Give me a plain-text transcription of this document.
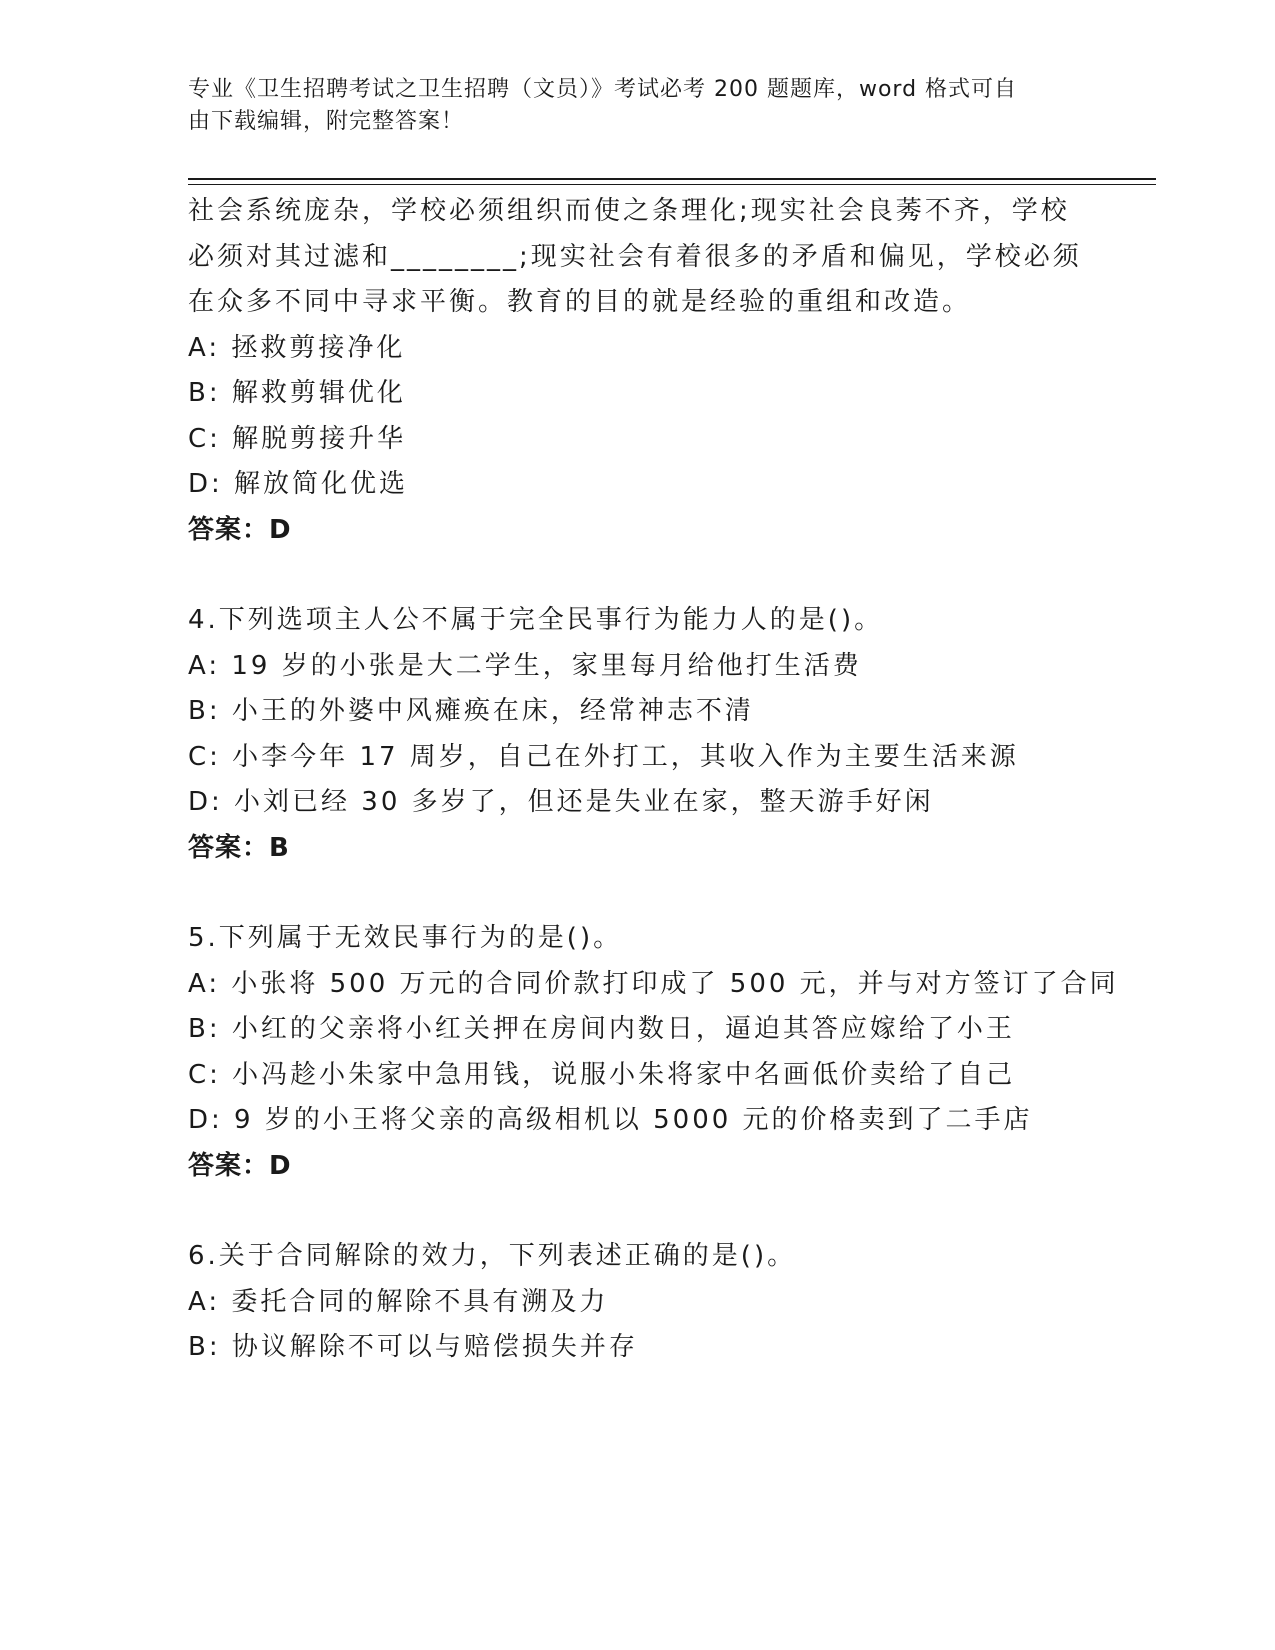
专业《卫生招聘考试之卫生招聘（文员）》考试必考 200 题题库，word 格式可自
由下载编辑，附完整答案！
社会系统庞杂，学校必须组织而使之条理化;现实社会良莠不齐，学校
必须对其过滤和________;现实社会有着很多的矛盾和偏见，学校必须
在众多不同中寻求平衡。教育的目的就是经验的重组和改造。
A: 拯救剪接净化
B: 解救剪辑优化
C: 解脱剪接升华
D: 解放简化优选
答案：D
4.下列选项主人公不属于完全民事行为能力人的是()。
A: 19 岁的小张是大二学生，家里每月给他打生活费
B: 小王的外婆中风瘫痪在床，经常神志不清
C: 小李今年 17 周岁，自己在外打工，其收入作为主要生活来源
D: 小刘已经 30 多岁了，但还是失业在家，整天游手好闲
答案：B
5.下列属于无效民事行为的是()。
A: 小张将 500 万元的合同价款打印成了 500 元，并与对方签订了合同
B: 小红的父亲将小红关押在房间内数日，逼迫其答应嫁给了小王
C: 小冯趁小朱家中急用钱，说服小朱将家中名画低价卖给了自己
D: 9 岁的小王将父亲的高级相机以 5000 元的价格卖到了二手店
答案：D
6.关于合同解除的效力，下列表述正确的是()。
A: 委托合同的解除不具有溯及力
B: 协议解除不可以与赔偿损失并存
